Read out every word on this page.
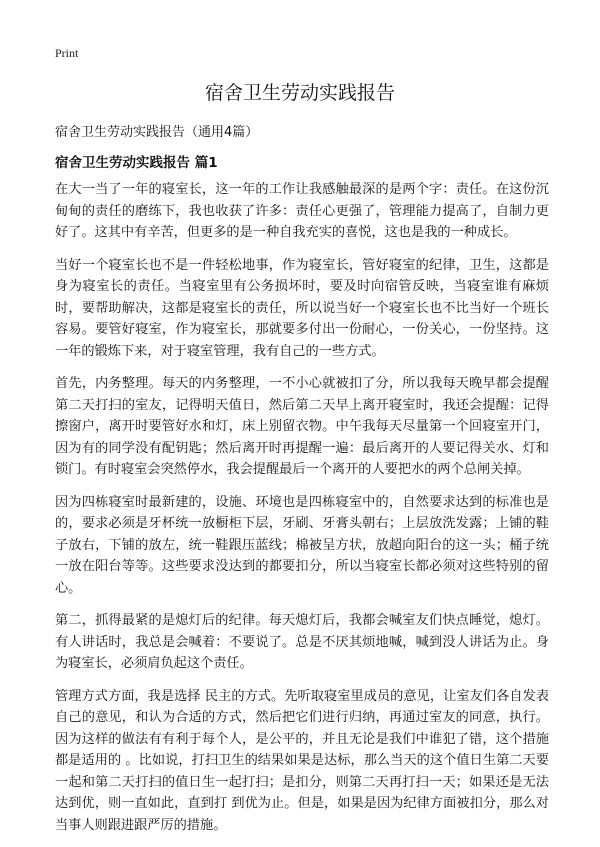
Print
宿舍卫生劳动实践报告
宿舍卫生劳动实践报告（通用4篇）
宿舍卫生劳动实践报告 篇1

在大一当了一年的寝室长，这一年的工作让我感触最深的是两个字：责任。在这份沉甸甸的责任的磨练下，我也收获了许多：责任心更强了，管理能力提高了，自制力更好了。这其中有辛苦，但更多的是一种自我充实的喜悦，这也是我的一种成长。

当好一个寝室长也不是一件轻松地事，作为寝室长，管好寝室的纪律，卫生，这都是身为寝室长的责任。当寝室里有公务损坏时，要及时向宿管反映，当寝室谁有麻烦时，要帮助解决，这都是寝室长的责任，所以说当好一个寝室长也不比当好一个班长容易。要管好寝室，作为寝室长，那就要多付出一份耐心，一份关心，一份坚持。这一年的锻炼下来，对于寝室管理，我有自己的一些方式。

首先，内务整理。每天的内务整理，一不小心就被扣了分，所以我每天晚早都会提醒第二天打扫的室友，记得明天值日，然后第二天早上离开寝室时，我还会提醒：记得擦窗户，离开时要管好水和灯，床上别留衣物。中午我每天尽量第一个回寝室开门，因为有的同学没有配钥匙；然后离开时再提醒一遍：最后离开的人要记得关水、灯和锁门。有时寝室会突然停水，我会提醒最后一个离开的人要把水的两个总闸关掉。

因为四栋寝室时最新建的，设施、环境也是四栋寝室中的，自然要求达到的标准也是的，要求必须是牙杯统一放橱柜下层，牙刷、牙膏头朝右；上层放洗发露；上铺的鞋子放右，下铺的放左，统一鞋跟压蓝线；棉被呈方状，放超向阳台的这一头；桶子统一放在阳台等等。这些要求没达到的都要扣分，所以当寝室长都必须对这些特别的留心。

第二，抓得最紧的是熄灯后的纪律。每天熄灯后，我都会喊室友们快点睡觉，熄灯。有人讲话时，我总是会喊着：不要说了。总是不厌其烦地喊，喊到没人讲话为止。身为寝室长，必须肩负起这个责任。

管理方式方面，我是选择 民主的方式。先听取寝室里成员的意见，让室友们各自发表自己的意见，和认为合适的方式，然后把它们进行归纳，再通过室友的同意，执行。因为这样的做法有有利于每个人，是公平的，并且无论是我们中谁犯了错，这个措施都是适用的 。比如说，打扫卫生的结果如果是达标，那么当天的这个值日生第二天要一起和第二天打扫的值日生一起打扫；是扣分，则第二天再打扫一天；如果还是无法达到优，则一直如此，直到打 到优为止。但是，如果是因为纪律方面被扣分，那么对当事人则跟进跟严厉的措施。
